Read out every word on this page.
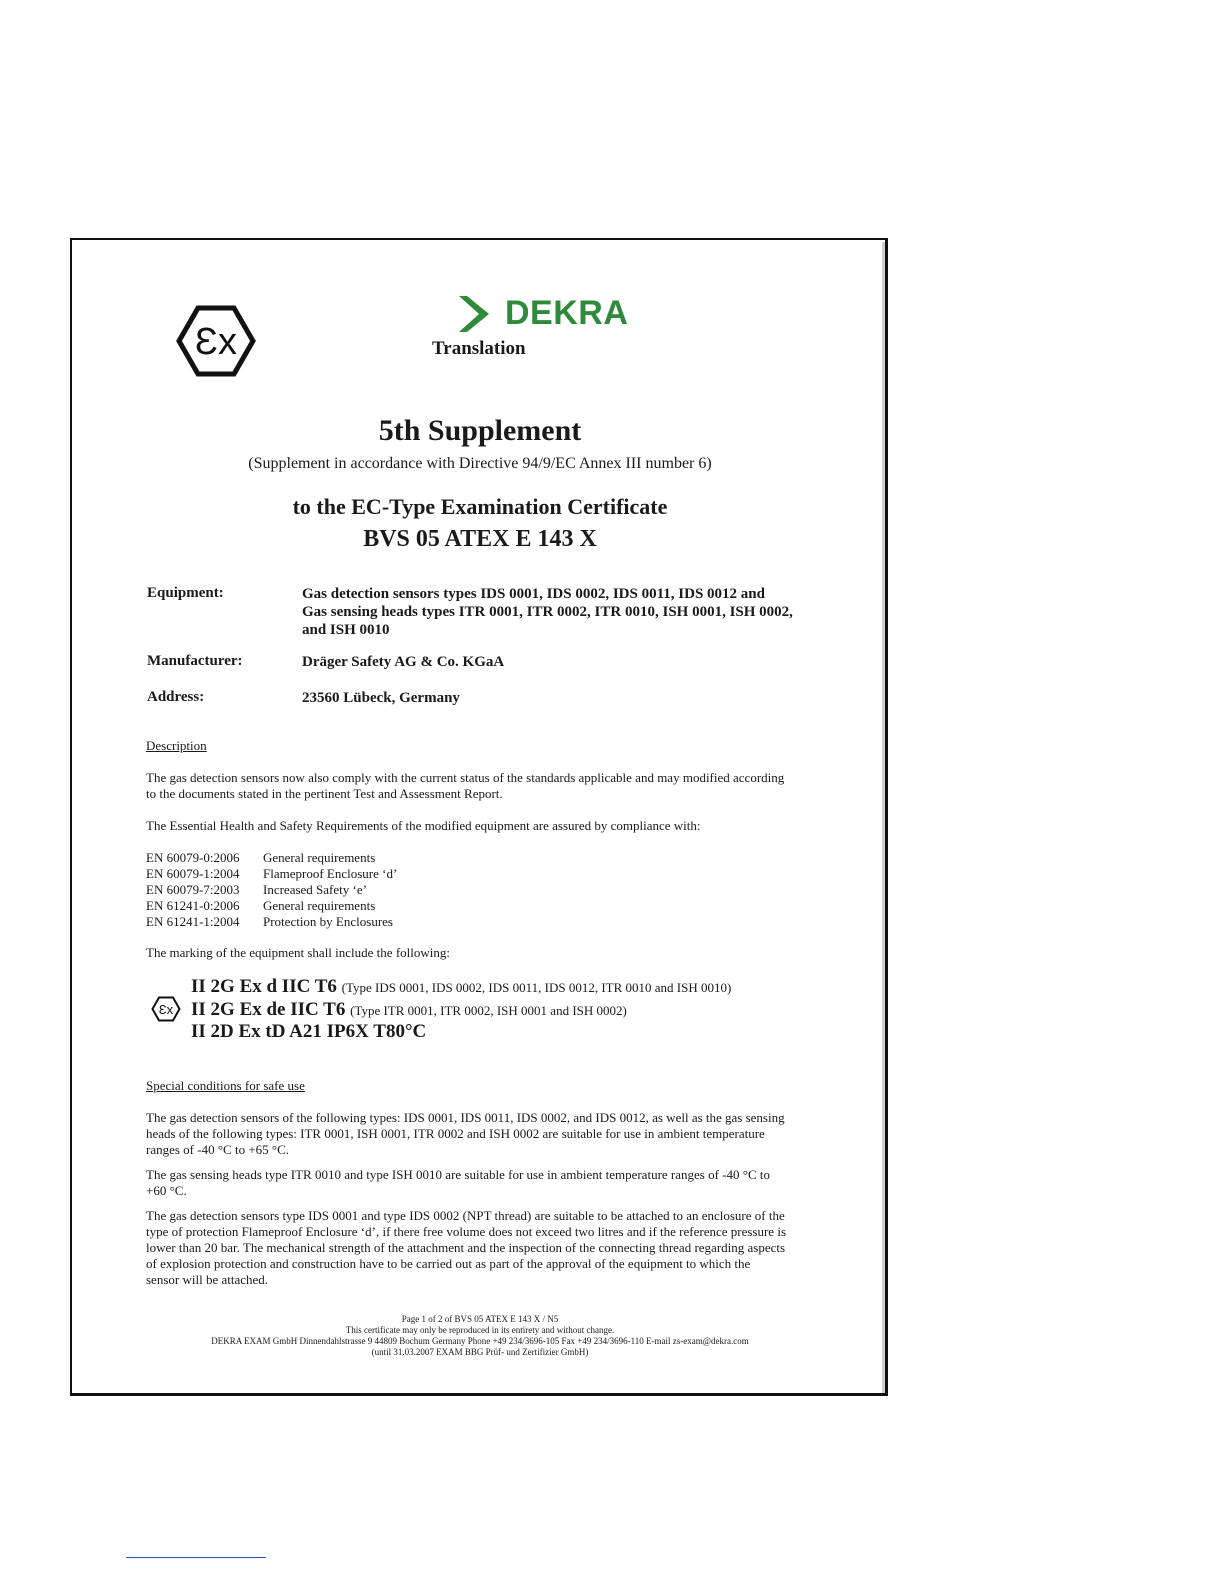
Ɛx
DEKRA
Translation
5th Supplement
(Supplement in accordance with Directive 94/9/EC Annex III number 6)
to the EC-Type Examination Certificate
BVS 05 ATEX E 143 X
Equipment:	Gas detection sensors types IDS 0001, IDS 0002, IDS 0011, IDS 0012 and
Gas sensing heads types ITR 0001, ITR 0002, ITR 0010, ISH 0001, ISH 0002,
and ISH 0010
Manufacturer:	Dräger Safety AG & Co. KGaA
Address:	23560 Lübeck, Germany
Description
The gas detection sensors now also comply with the current status of the standards applicable and may modified according to the documents stated in the pertinent Test and Assessment Report.
The Essential Health and Safety Requirements of the modified equipment are assured by compliance with:
EN 60079-0:2006 General requirements
EN 60079-1:2004 Flameproof Enclosure ‘d’
EN 60079-7:2003 Increased Safety ‘e’
EN 61241-0:2006 General requirements
EN 61241-1:2004 Protection by Enclosures
The marking of the equipment shall include the following:
Ɛx
II 2G Ex d IIC T6 (Type IDS 0001, IDS 0002, IDS 0011, IDS 0012, ITR 0010 and ISH 0010)
II 2G Ex de IIC T6 (Type ITR 0001, ITR 0002, ISH 0001 and ISH 0002)
II 2D Ex tD A21 IP6X T80°C
Special conditions for safe use
The gas detection sensors of the following types: IDS 0001, IDS 0011, IDS 0002, and IDS 0012, as well as the gas sensing heads of the following types: ITR 0001, ISH 0001, ITR 0002 and ISH 0002 are suitable for use in ambient temperature ranges of -40 °C to +65 °C.
The gas sensing heads type ITR 0010 and type ISH 0010 are suitable for use in ambient temperature ranges of -40 °C to +60 °C.
The gas detection sensors type IDS 0001 and type IDS 0002 (NPT thread) are suitable to be attached to an enclosure of the type of protection Flameproof Enclosure ‘d’, if there free volume does not exceed two litres and if the reference pressure is lower than 20 bar. The mechanical strength of the attachment and the inspection of the connecting thread regarding aspects of explosion protection and construction have to be carried out as part of the approval of the equipment to which the sensor will be attached.
Page 1 of 2 of BVS 05 ATEX E 143 X / N5
This certificate may only be reproduced in its entirety and without change.
DEKRA EXAM GmbH Dinnendahlstrasse 9 44809 Bochum Germany Phone +49 234/3696-105 Fax +49 234/3696-110 E-mail zs-exam@dekra.com
(until 31.03.2007 EXAM BBG Prüf- und Zertifizier GmbH)
